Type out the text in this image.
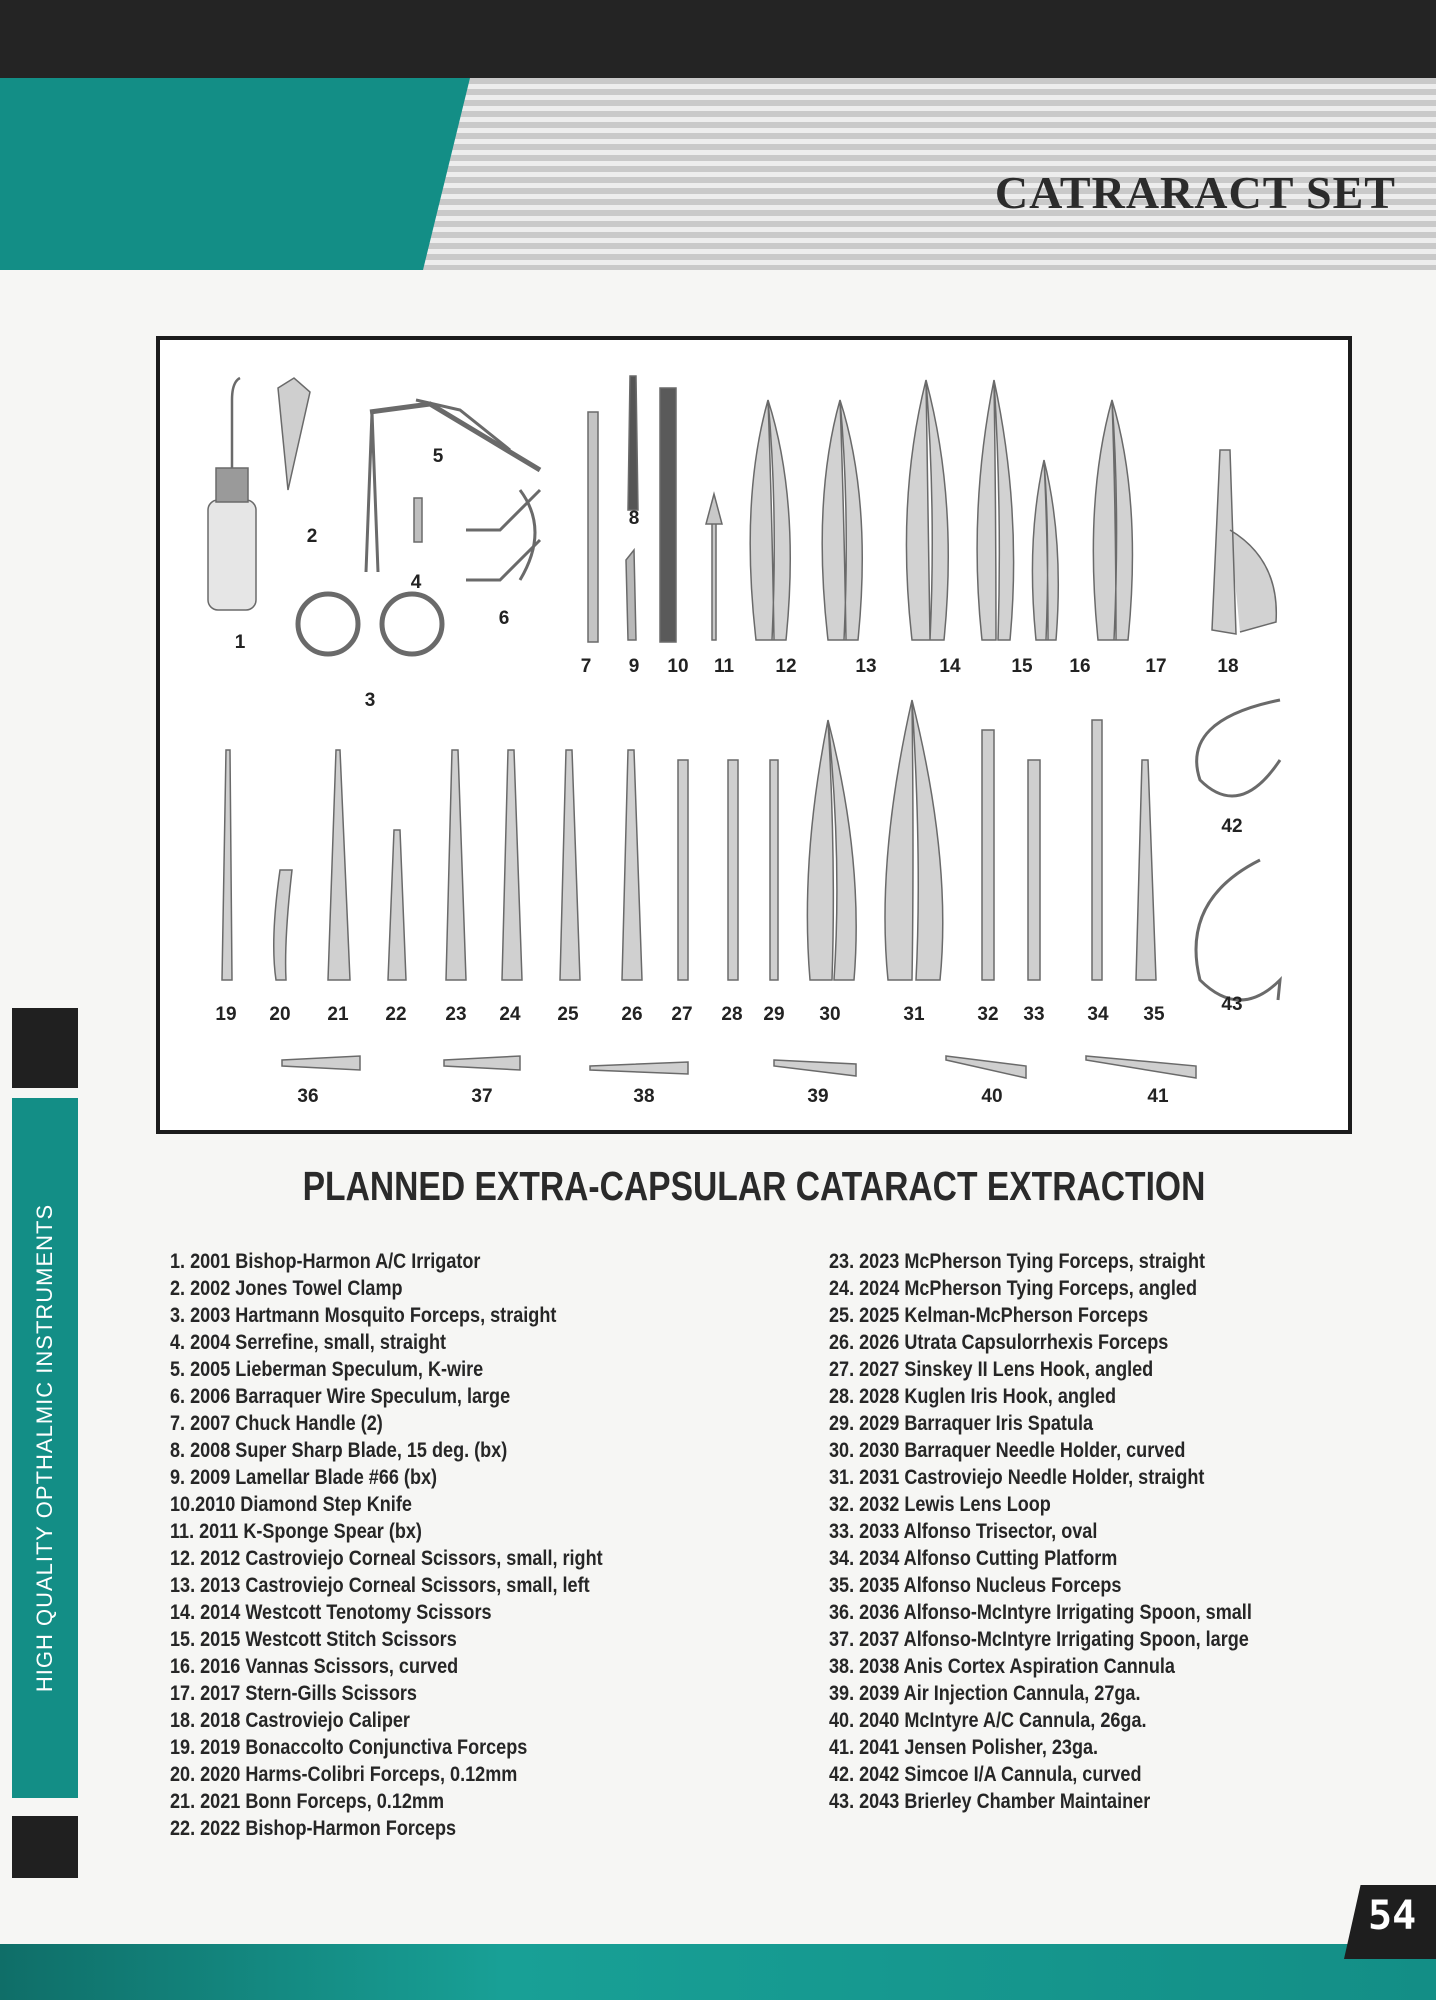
CATRARACT SET
HIGH QUALITY OPTHALMIC INSTRUMENTS
1
2
3
4
5
6
7
8
9 10 11 12	13	14	15 16	17	18
19 20 21 22 23 24 25 26 27 28 29 30	31	32 33 34 35
36	37	38	39	40	41
42
43
PLANNED EXTRA-CAPSULAR CATARACT EXTRACTION
1. 2001 Bishop-Harmon A/C Irrigator
2. 2002 Jones Towel Clamp
3. 2003 Hartmann Mosquito Forceps, straight
4. 2004 Serrefine, small, straight
5. 2005 Lieberman Speculum, K-wire
6. 2006 Barraquer Wire Speculum, large
7. 2007 Chuck Handle (2)
8. 2008 Super Sharp Blade, 15 deg. (bx)
9. 2009 Lamellar Blade #66 (bx)
10.2010 Diamond Step Knife
11. 2011 K-Sponge Spear (bx)
12. 2012 Castroviejo Corneal Scissors, small, right
13. 2013 Castroviejo Corneal Scissors, small, left
14. 2014 Westcott Tenotomy Scissors
15. 2015 Westcott Stitch Scissors
16. 2016 Vannas Scissors, curved
17. 2017 Stern-Gills Scissors
18. 2018 Castroviejo Caliper
19. 2019 Bonaccolto Conjunctiva Forceps
20. 2020 Harms-Colibri Forceps, 0.12mm
21. 2021 Bonn Forceps, 0.12mm
22. 2022 Bishop-Harmon Forceps
23. 2023 McPherson Tying Forceps, straight
24. 2024 McPherson Tying Forceps, angled
25. 2025 Kelman-McPherson Forceps
26. 2026 Utrata Capsulorrhexis Forceps
27. 2027 Sinskey II Lens Hook, angled
28. 2028 Kuglen Iris Hook, angled
29. 2029 Barraquer Iris Spatula
30. 2030 Barraquer Needle Holder, curved
31. 2031 Castroviejo Needle Holder, straight
32. 2032 Lewis Lens Loop
33. 2033 Alfonso Trisector, oval
34. 2034 Alfonso Cutting Platform
35. 2035 Alfonso Nucleus Forceps
36. 2036 Alfonso-McIntyre Irrigating Spoon, small
37. 2037 Alfonso-McIntyre Irrigating Spoon, large
38. 2038 Anis Cortex Aspiration Cannula
39. 2039 Air Injection Cannula, 27ga.
40. 2040 McIntyre A/C Cannula, 26ga.
41. 2041 Jensen Polisher, 23ga.
42. 2042 Simcoe I/A Cannula, curved
43. 2043 Brierley Chamber Maintainer
54
